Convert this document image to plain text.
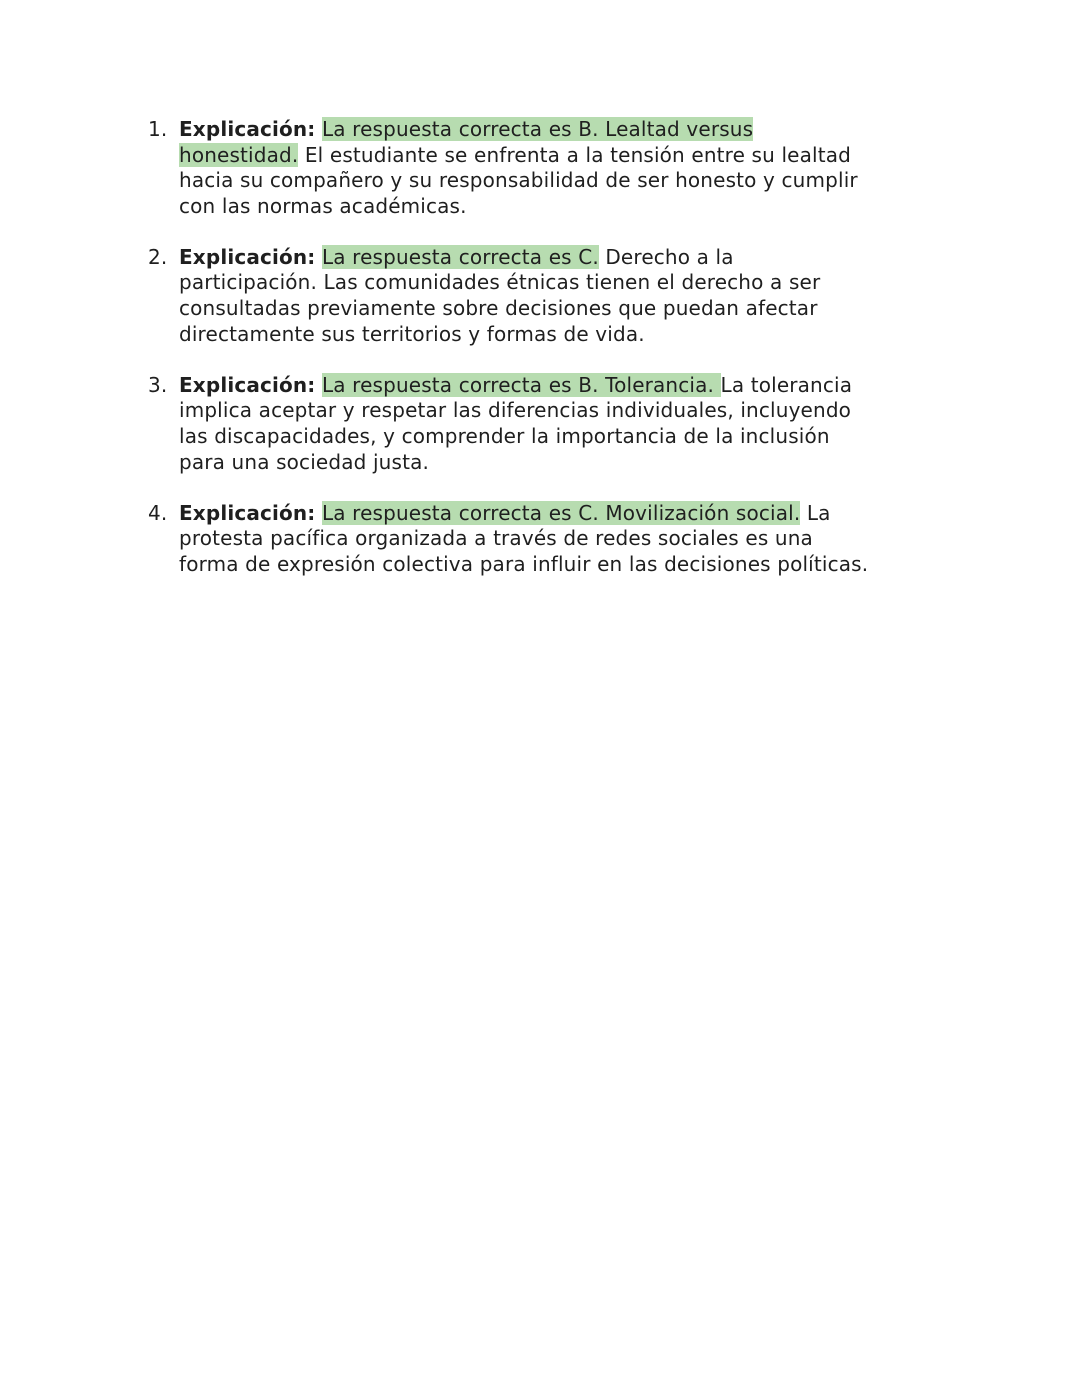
1. Explicación: La respuesta correcta es B. Lealtad versus honestidad. El estudiante se enfrenta a la tensión entre su lealtad hacia su compañero y su responsabilidad de ser honesto y cumplir con las normas académicas.
2. Explicación: La respuesta correcta es C. Derecho a la participación. Las comunidades étnicas tienen el derecho a ser consultadas previamente sobre decisiones que puedan afectar directamente sus territorios y formas de vida.
3. Explicación: La respuesta correcta es B. Tolerancia. La tolerancia implica aceptar y respetar las diferencias individuales, incluyendo las discapacidades, y comprender la importancia de la inclusión para una sociedad justa.
4. Explicación: La respuesta correcta es C. Movilización social. La protesta pacífica organizada a través de redes sociales es una forma de expresión colectiva para influir en las decisiones políticas.
